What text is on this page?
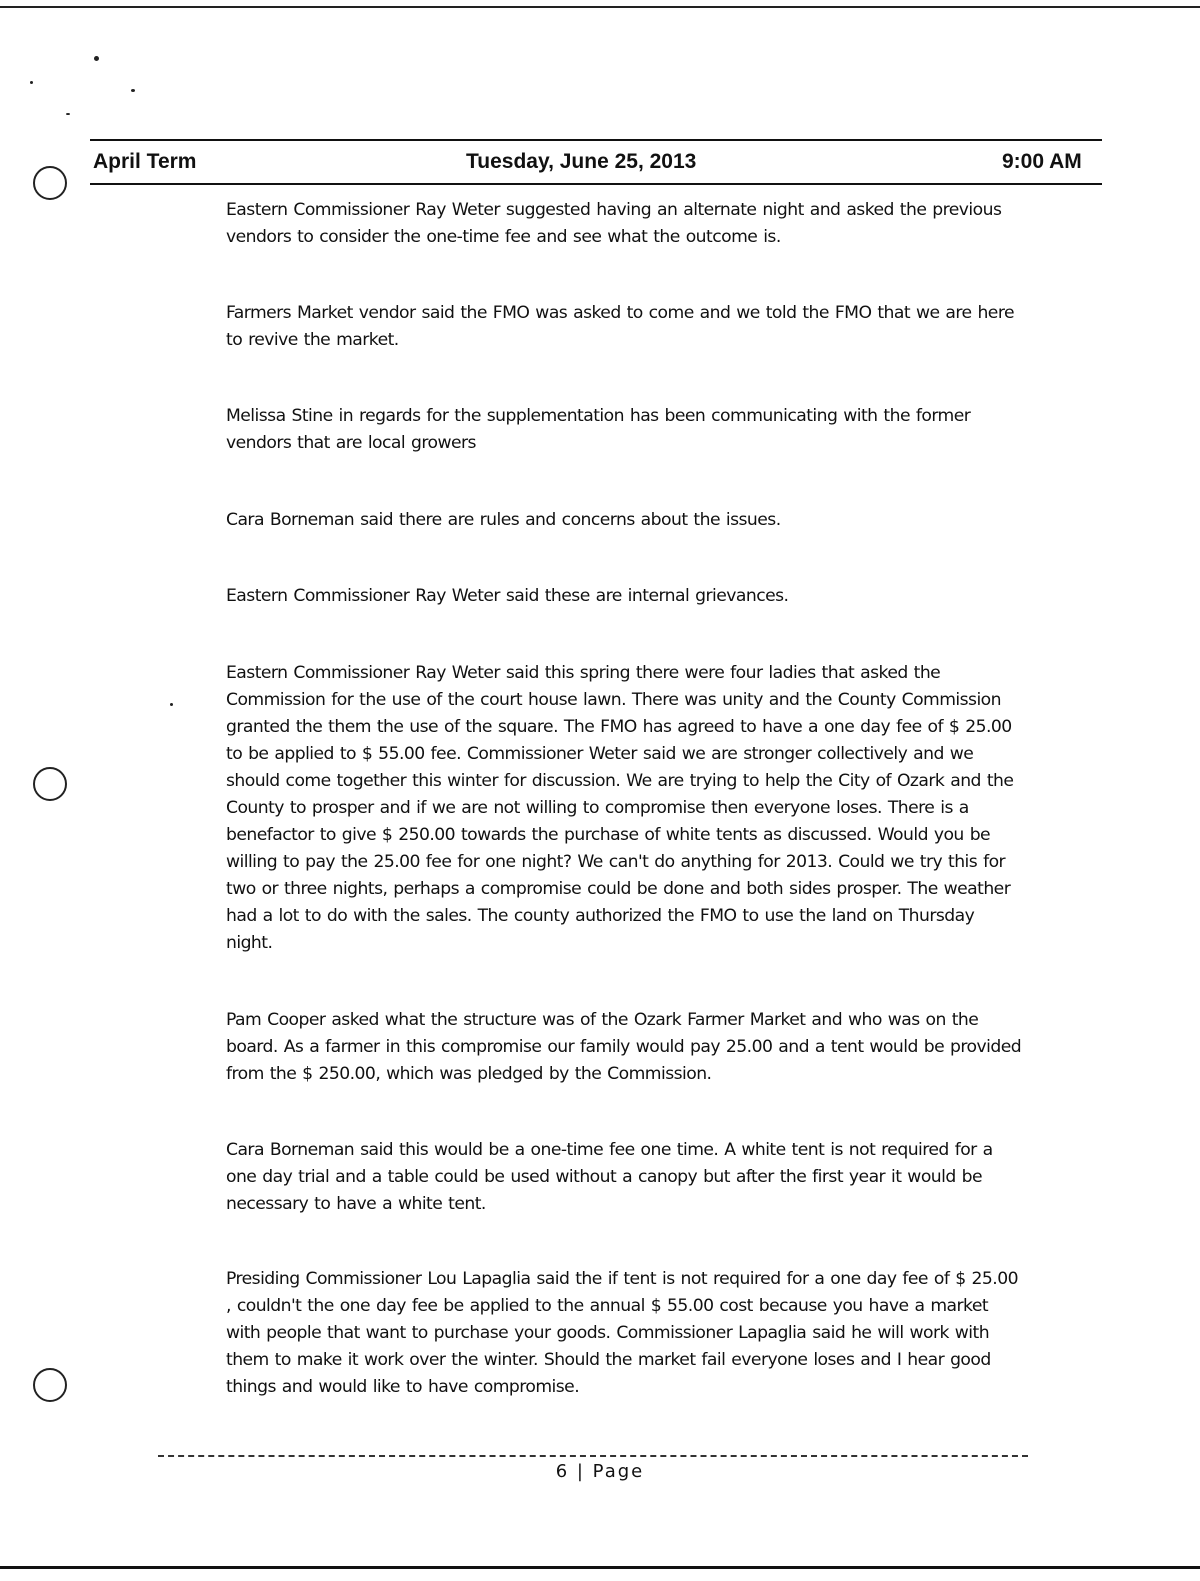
April Term	Tuesday, June 25, 2013	9:00 AM

Eastern Commissioner Ray Weter suggested having an alternate night and asked the previous vendors to consider the one-time fee and see what the outcome is.

Farmers Market vendor said the FMO was asked to come and we told the FMO that we are here to revive the market.

Melissa Stine in regards for the supplementation has been communicating with the former vendors that are local growers

Cara Borneman said there are rules and concerns about the issues.

Eastern Commissioner Ray Weter said these are internal grievances.

Eastern Commissioner Ray Weter said this spring there were four ladies that asked the Commission for the use of the court house lawn. There was unity and the County Commission granted the them the use of the square. The FMO has agreed to have a one day fee of $ 25.00 to be applied to $ 55.00 fee. Commissioner Weter said we are stronger collectively and we should come together this winter for discussion. We are trying to help the City of Ozark and the County to prosper and if we are not willing to compromise then everyone loses. There is a benefactor to give $ 250.00 towards the purchase of white tents as discussed. Would you be willing to pay the 25.00 fee for one night? We can't do anything for 2013. Could we try this for two or three nights, perhaps a compromise could be done and both sides prosper. The weather had a lot to do with the sales. The county authorized the FMO to use the land on Thursday night.

Pam Cooper asked what the structure was of the Ozark Farmer Market and who was on the board. As a farmer in this compromise our family would pay 25.00 and a tent would be provided from the $ 250.00, which was pledged by the Commission.

Cara Borneman said this would be a one-time fee one time. A white tent is not required for a one day trial and a table could be used without a canopy but after the first year it would be necessary to have a white tent.

Presiding Commissioner Lou Lapaglia said the if tent is not required for a one day fee of $ 25.00 , couldn't the one day fee be applied to the annual $ 55.00 cost because you have a market with people that want to purchase your goods. Commissioner Lapaglia said he will work with them to make it work over the winter. Should the market fail everyone loses and I hear good things and would like to have compromise.

6 | Page
